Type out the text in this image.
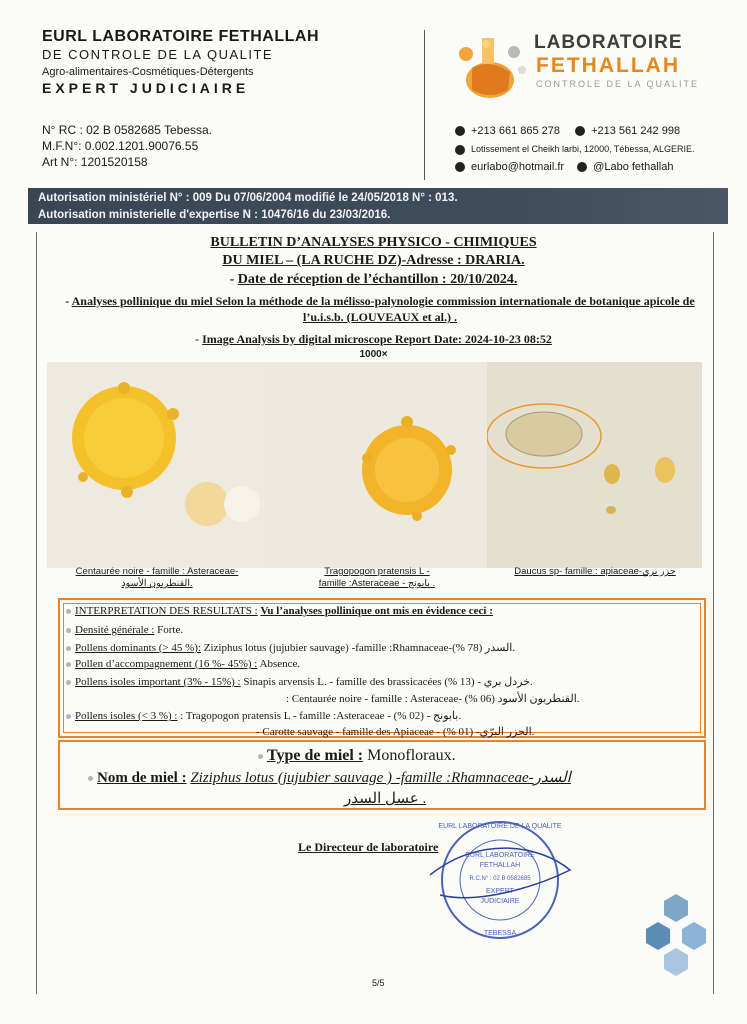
EURL LABORATOIRE FETHALLAH
DE CONTROLE DE LA QUALITE
Agro-alimentaires-Cosmétiques-Détergents
EXPERT JUDICIAIRE
N° RC : 02 B 0582685 Tebessa.
M.F.N°: 0.002.1201.90076.55
Art N°: 1201520158
LABORATOIRE
FETHALLAH
CONTROLE DE LA QUALITE
+213 661 865 278	+213 561 242 998
Lotissement el Cheikh larbi, 12000, Tébessa, ALGERIE.
eurlabo@hotmail.fr	@Labo fethallah
Autorisation ministériel N° : 009 Du 07/06/2004 modifié le 24/05/2018 N° : 013.
Autorisation ministerielle d'expertise N : 10476/16 du 23/03/2016.
BULLETIN D’ANALYSES PHYSICO - CHIMIQUES
DU MIEL – (LA RUCHE DZ)-Adresse : DRARIA.
- Date de réception de l’échantillon : 20/10/2024.
- Analyses pollinique du miel Selon la méthode de la mélisso-palynologie commission internationale de botanique apicole de l’u.i.s.b. (LOUVEAUX et al.) .
- Image Analysis by digital microscope Report Date: 2024-10-23 08:52
1000×
Centaurée noire - famille : Asteraceae-
القنطريون الأسود.
Tragopogon pratensis L -
famille :Asteraceae - بابونج .
Daucus sp- famille : apiaceae-جزر بري
INTERPRETATION DES RESULTATS : Vu l’analyses pollinique ont mis en évidence ceci :
Densité générale : Forte.
Pollens dominants (> 45 %): Ziziphus lotus (jujubier sauvage) -famille :Rhamnaceae-السدر (78 %).
Pollen d’accompagnement (16 %- 45%) : Absence.
Pollens isoles important (3% - 15%) : Sinapis arvensis L. - famille des brassicacées خردل بري - (13 %).
: Centaurée noire - famille : Asteraceae- القنطريون الأسود (06 %).
Pollens isoles (< 3 %) : : Tragopogon pratensis L - famille :Asteraceae - بابونج - (02 %).
- Carotte sauvage - famille des Apiaceae - الجزر البرّي- (01 %).
Type de miel : Monofloraux.
Nom de miel : Ziziphus lotus (jujubier sauvage ) -famille :Rhamnaceae-السدر
عسل السدر .
Le Directeur de laboratoire
EURL LABORATOIRE DE LA QUALITE
EURL LABORATOIRE
FETHALLAH
R.C.N° : 02 B 0582685
EXPERT
JUDICIAIRE
TEBESSA
5/5
